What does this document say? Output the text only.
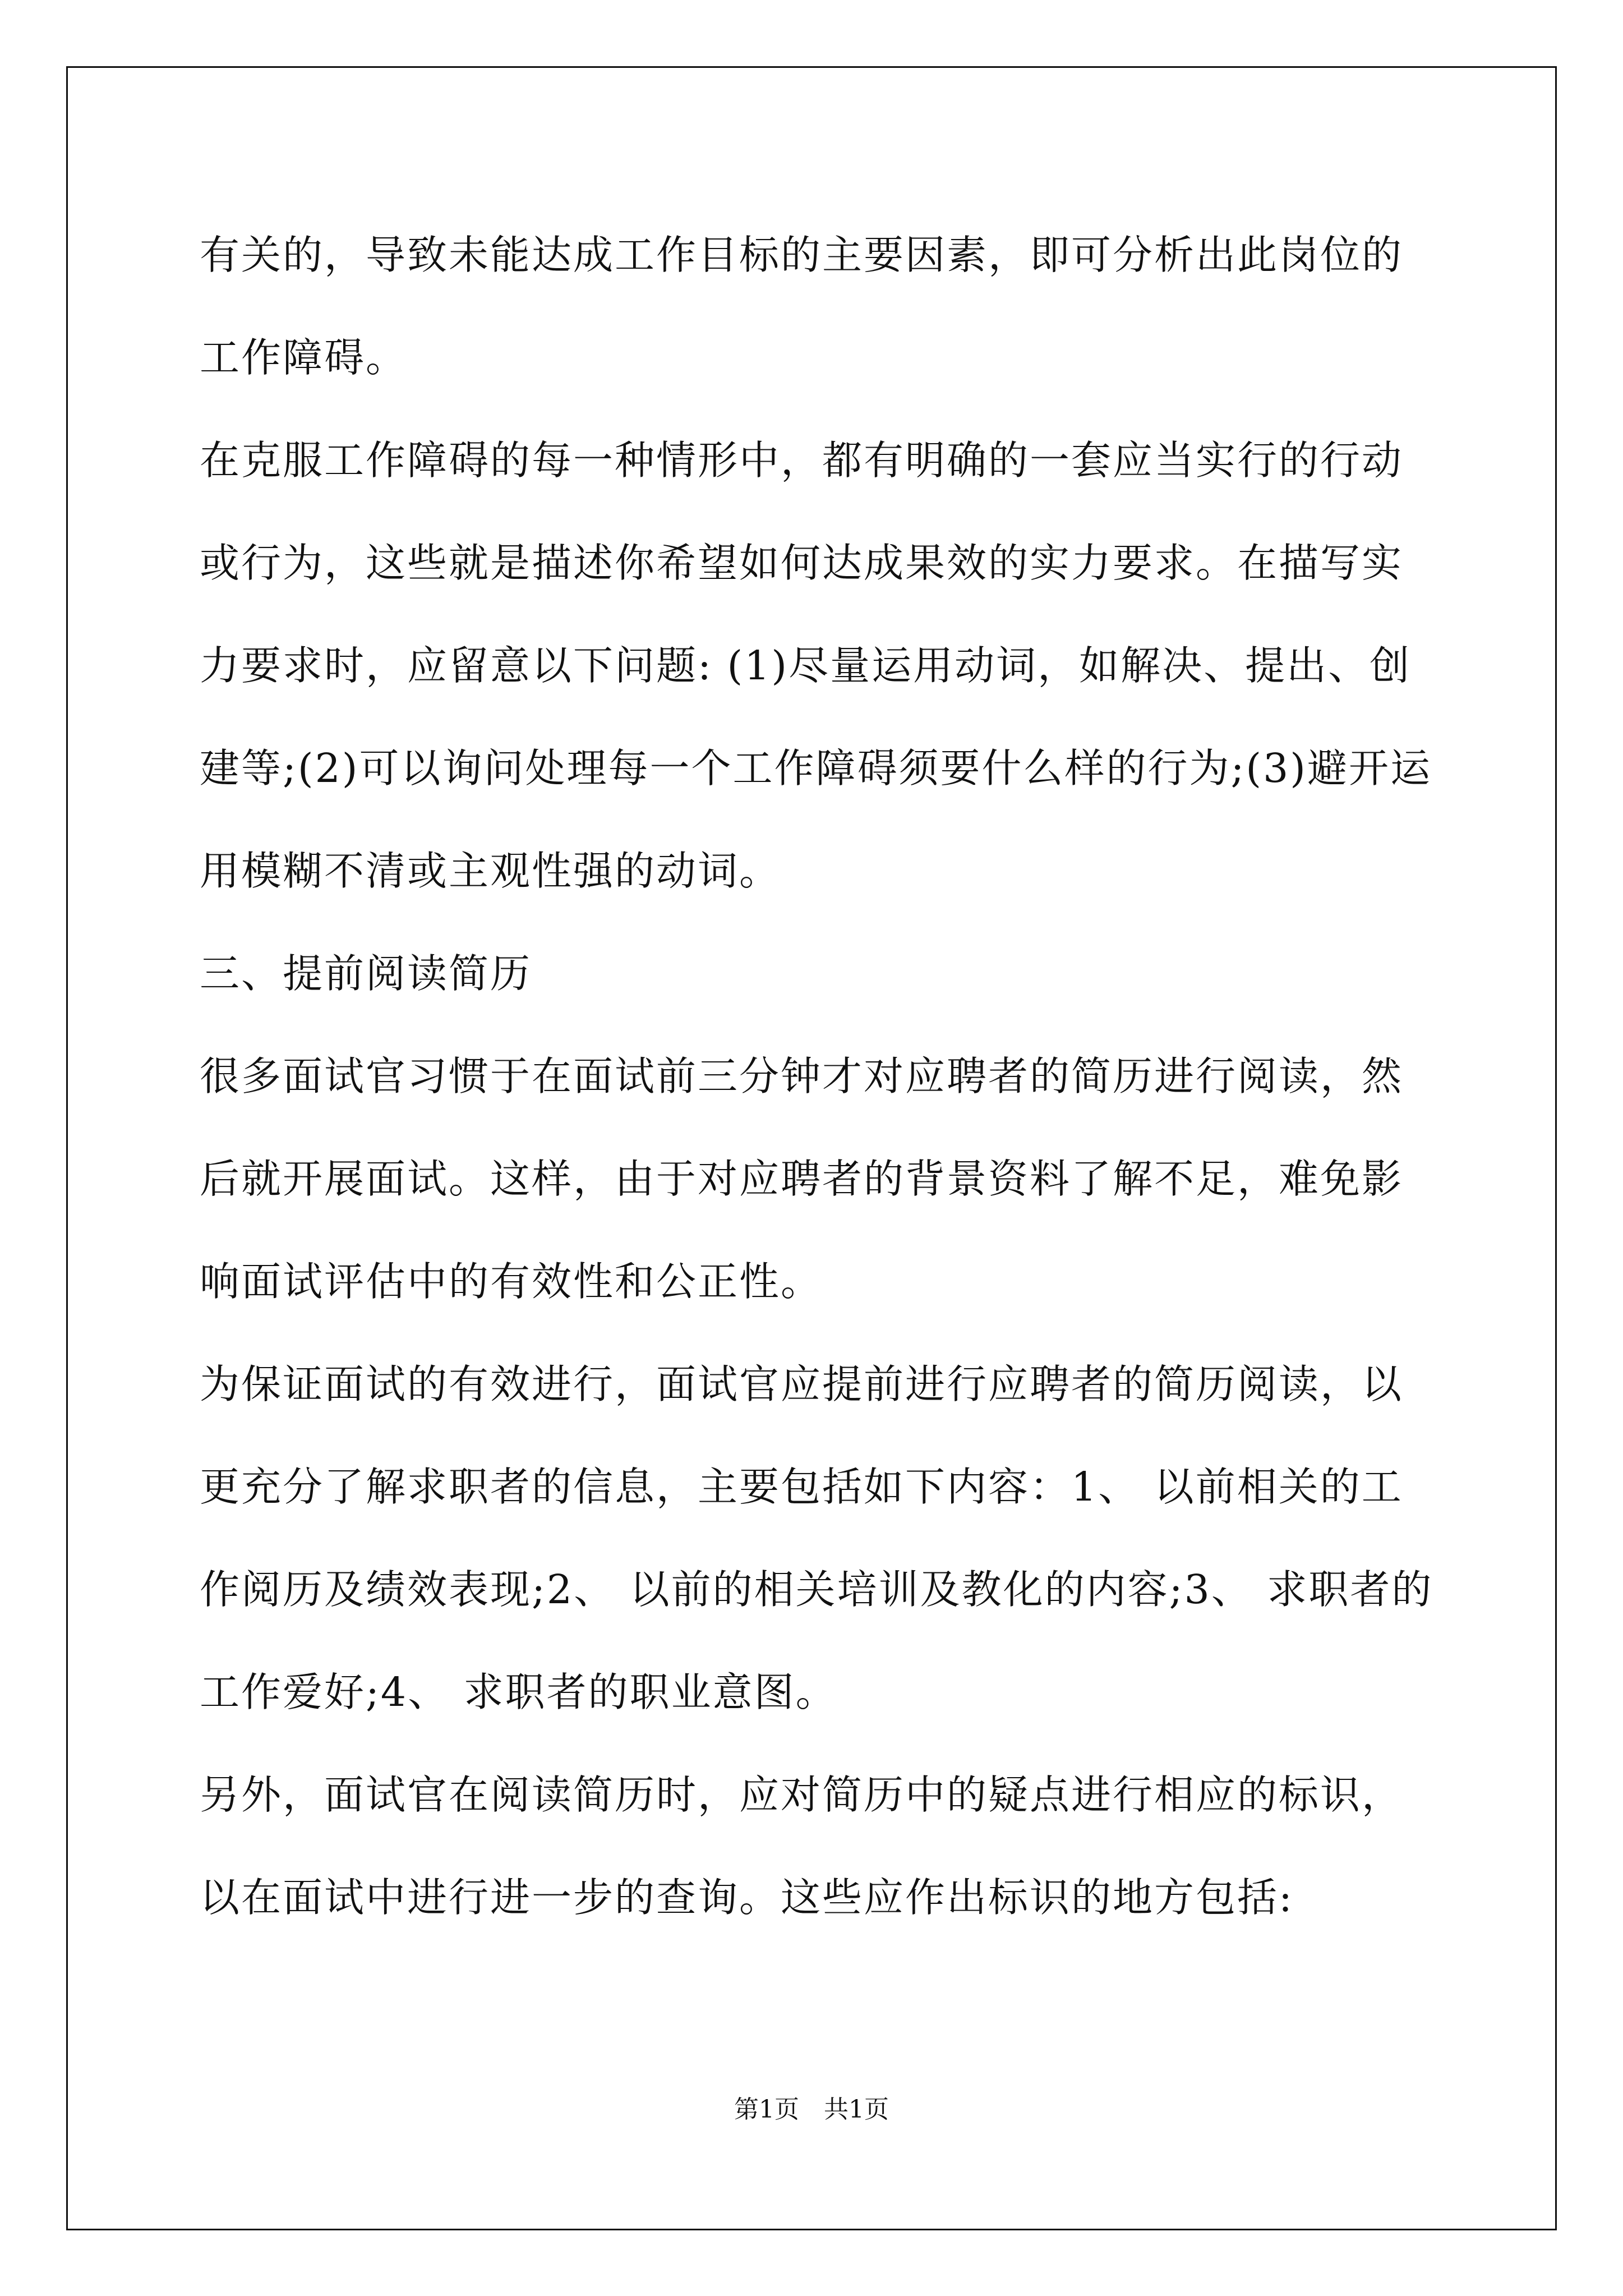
有关的，导致未能达成工作目标的主要因素，即可分析出此岗位的工作障碍。

在克服工作障碍的每一种情形中，都有明确的一套应当实行的行动或行为，这些就是描述你希望如何达成果效的实力要求。在描写实力要求时，应留意以下问题: (1)尽量运用动词，如解决、提出、创建等;(2)可以询问处理每一个工作障碍须要什么样的行为;(3)避开运用模糊不清或主观性强的动词。

三、提前阅读简历

很多面试官习惯于在面试前三分钟才对应聘者的简历进行阅读，然后就开展面试。这样，由于对应聘者的背景资料了解不足，难免影响面试评估中的有效性和公正性。

为保证面试的有效进行，面试官应提前进行应聘者的简历阅读，以更充分了解求职者的信息，主要包括如下内容：1、 以前相关的工作阅历及绩效表现;2、 以前的相关培训及教化的内容;3、 求职者的工作爱好;4、 求职者的职业意图。

另外，面试官在阅读简历时，应对简历中的疑点进行相应的标识，以在面试中进行进一步的查询。这些应作出标识的地方包括:

第1页　共1页
